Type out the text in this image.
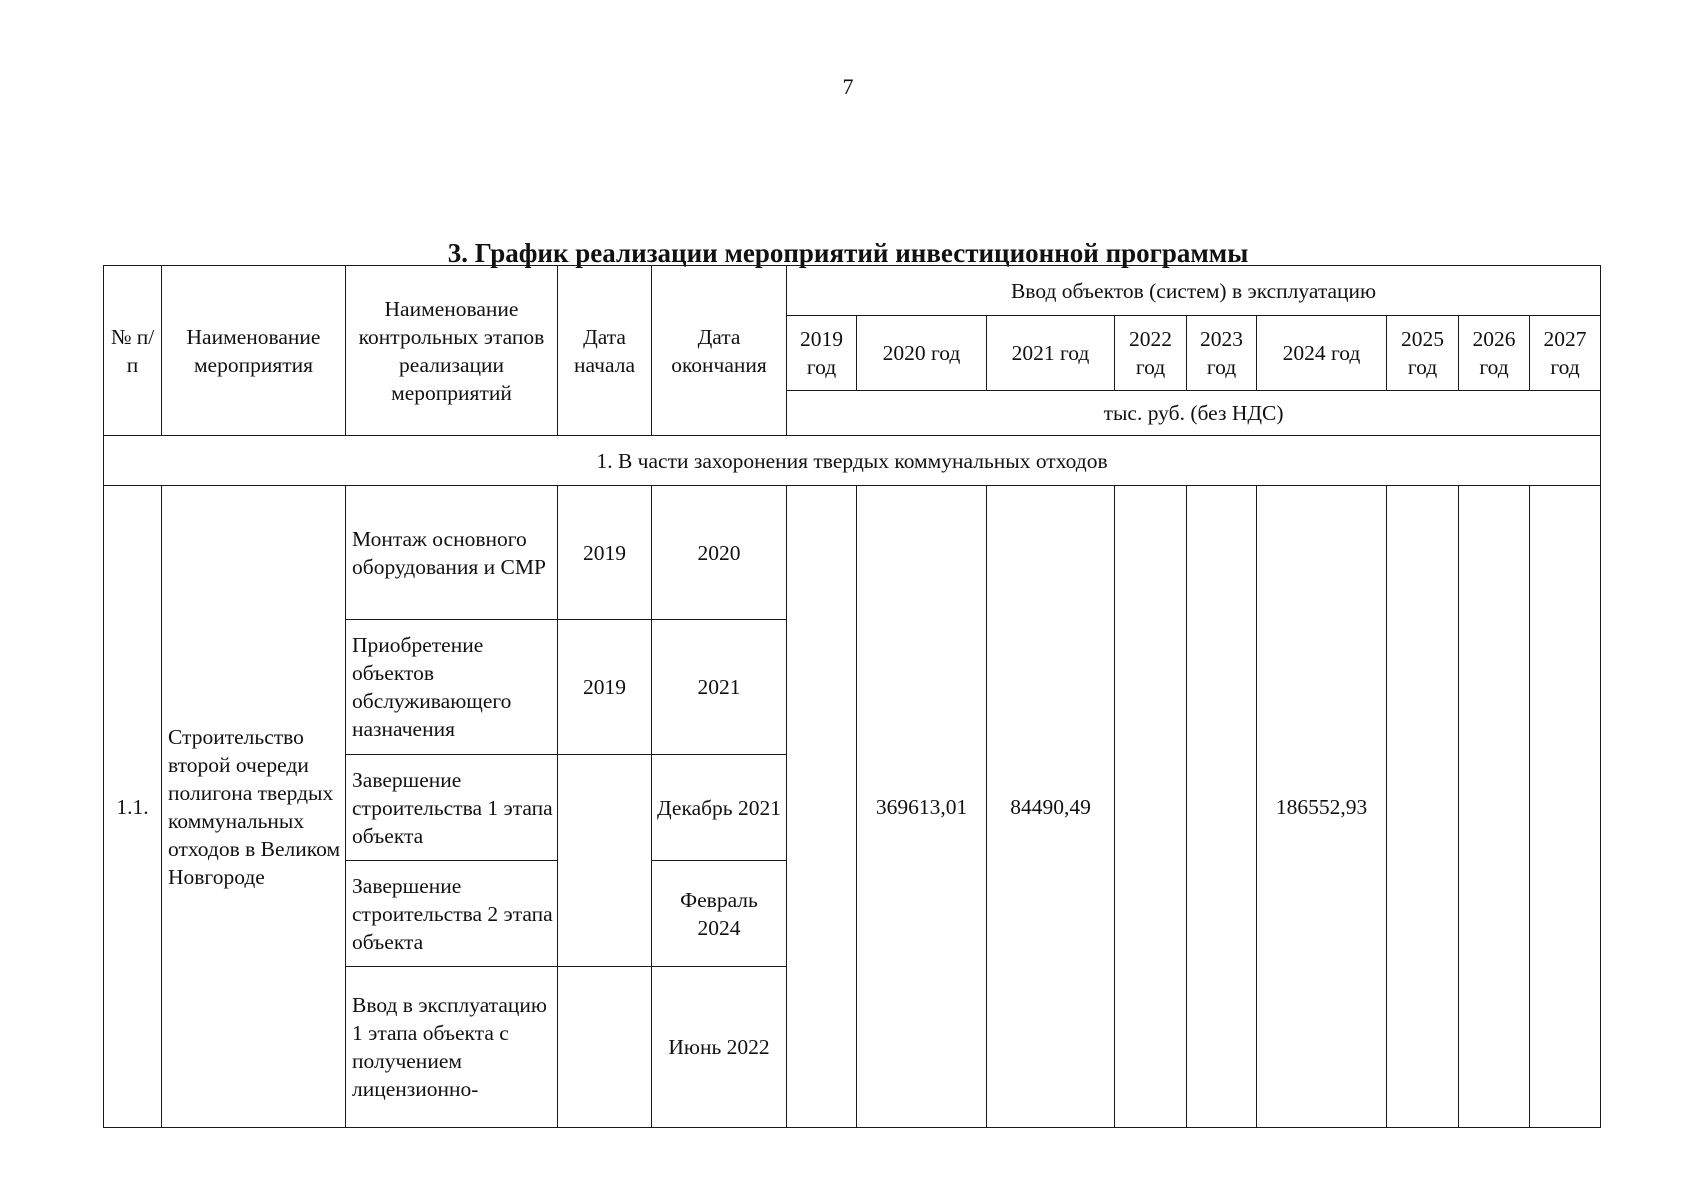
7
3. График реализации мероприятий инвестиционной программы
№ п/п	Наименование мероприятия	Наименование контрольных этапов реализации мероприятий	Дата начала	Дата окончания	Ввод объектов (систем) в эксплуатацию								
					2019 год	2020 год	2021 год	2022 год	2023 год	2024 год	2025 год	2026 год	2027 год
					тыс. руб. (без НДС)								
1. В части захоронения твердых коммунальных отходов													
1.1.	Строительство второй очереди полигона твердых коммунальных отходов в Великом Новгороде	Монтаж основного оборудования и СМР	2019	2020		369613,01	84490,49			186552,93			
		Приобретение объектов обслуживающего назначения	2019	2021									
		Завершение строительства 1 этапа объекта		Декабрь 2021									
		Завершение строительства 2 этапа объекта		Февраль 2024									
		Ввод в эксплуатацию 1 этапа объекта с получением лицензионно-		Июнь 2022									
